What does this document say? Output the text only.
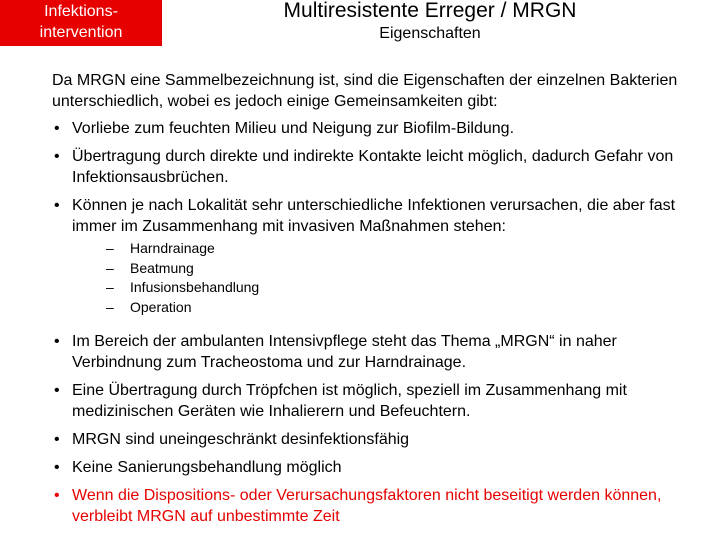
Infektions-
intervention
Multiresistente Erreger / MRGN
Eigenschaften

Da MRGN eine Sammelbezeichnung ist, sind die Eigenschaften der einzelnen Bakterien unterschiedlich, wobei es jedoch einige Gemeinsamkeiten gibt:

• Vorliebe zum feuchten Milieu und Neigung zur Biofilm-Bildung.
• Übertragung durch direkte und indirekte Kontakte leicht möglich, dadurch Gefahr von Infektionsausbrüchen.
• Können je nach Lokalität sehr unterschiedliche Infektionen verursachen, die aber fast immer im Zusammenhang mit invasiven Maßnahmen stehen:
– Harndrainage
– Beatmung
– Infusionsbehandlung
– Operation
• Im Bereich der ambulanten Intensivpflege steht das Thema „MRGN“ in naher Verbindnung zum Tracheostoma und zur Harndrainage.
• Eine Übertragung durch Tröpfchen ist möglich, speziell im Zusammenhang mit medizinischen Geräten wie Inhalierern und Befeuchtern.
• MRGN sind uneingeschränkt desinfektionsfähig
• Keine Sanierungsbehandlung möglich
• Wenn die Dispositions- oder Verursachungsfaktoren nicht beseitigt werden können, verbleibt MRGN auf unbestimmte Zeit
